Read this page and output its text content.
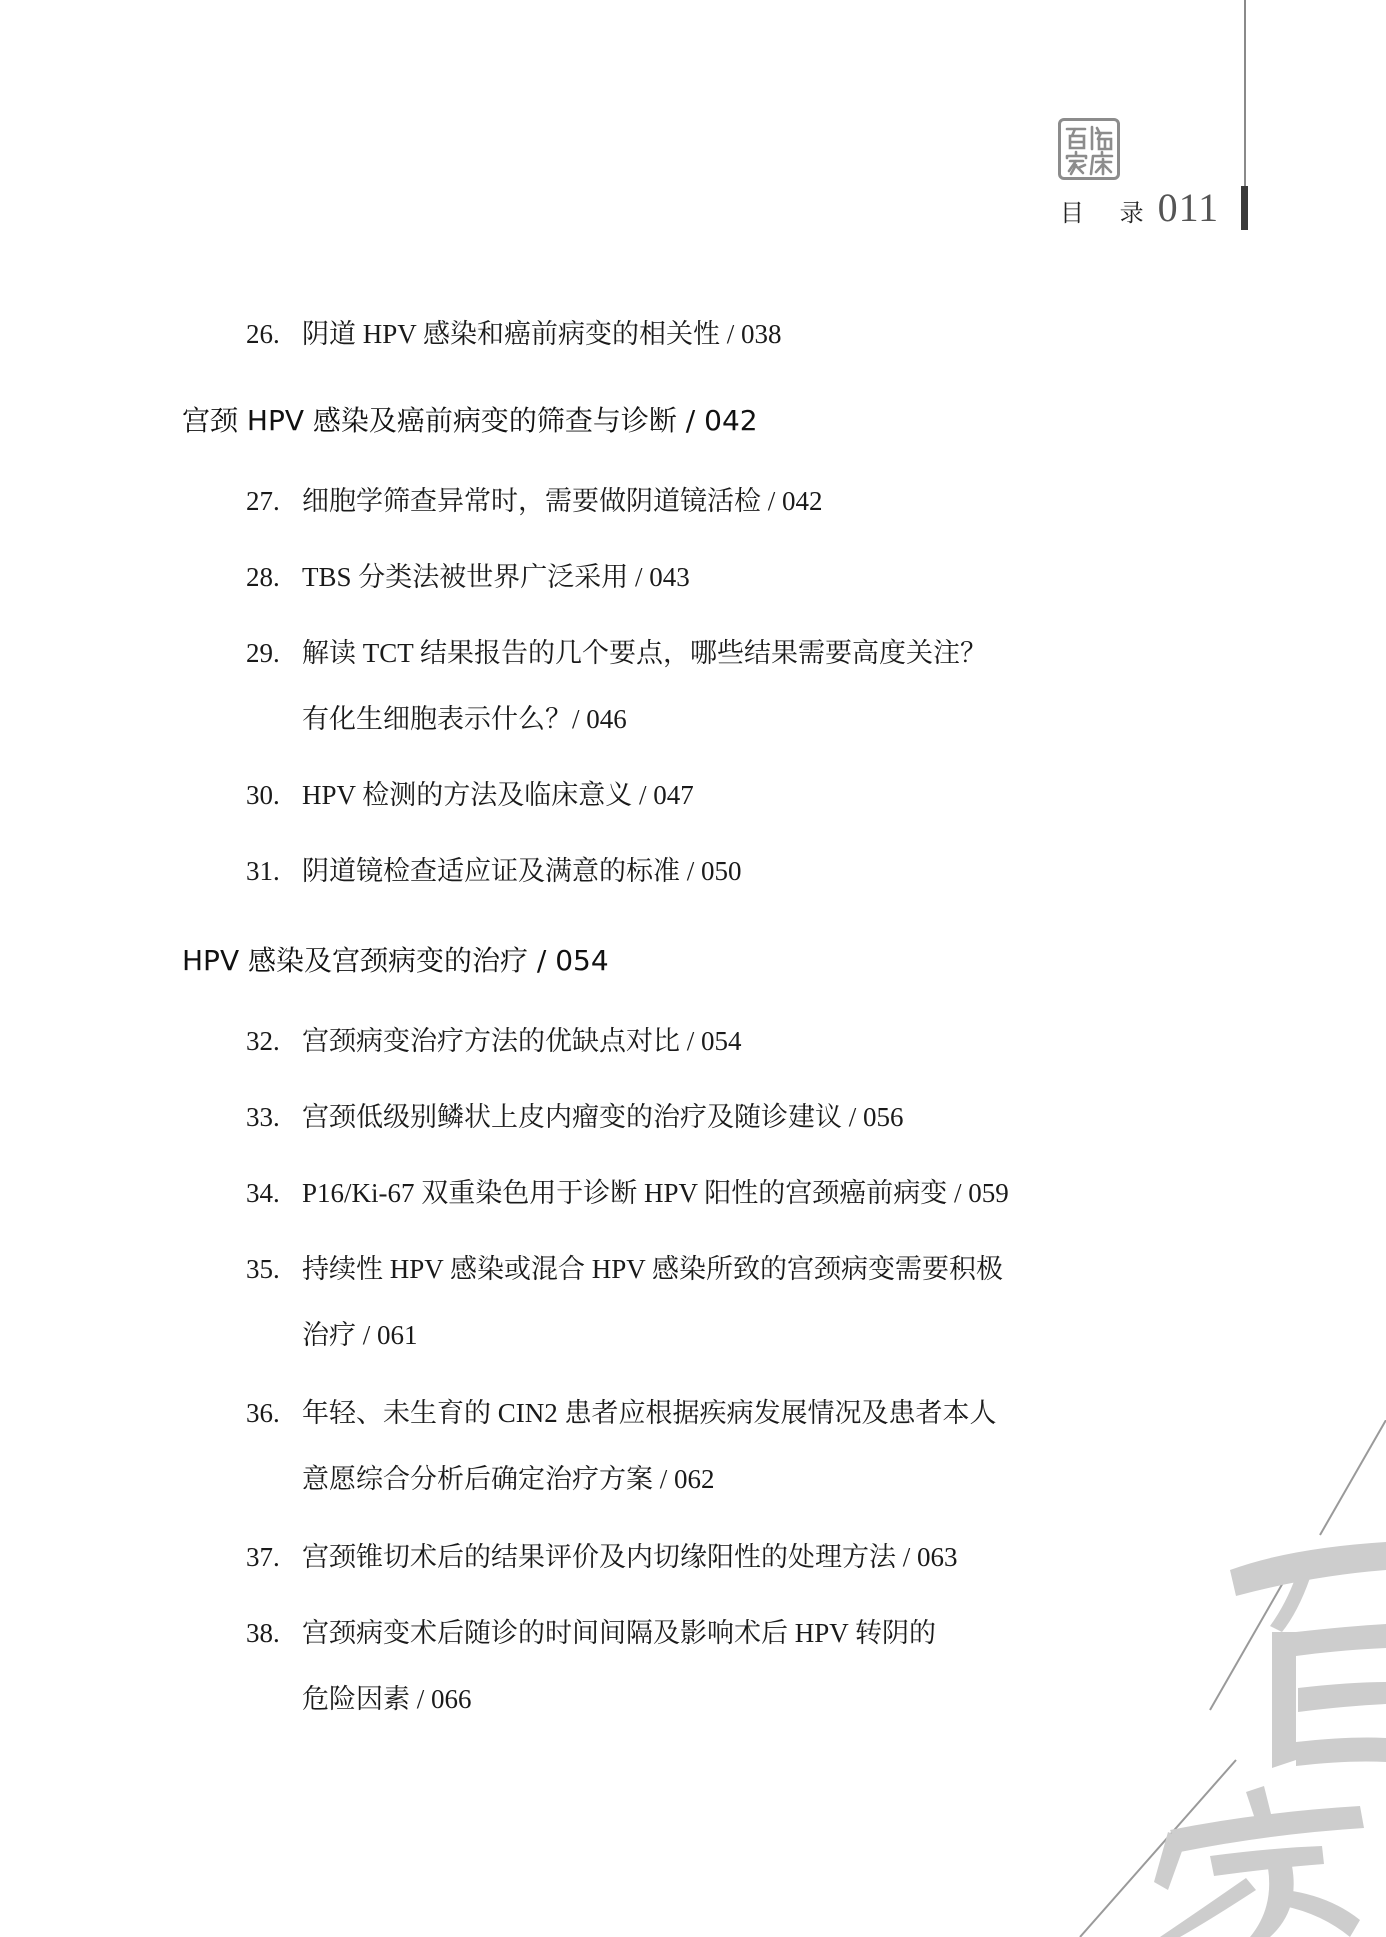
目 录 011
26. 阴道 HPV 感染和癌前病变的相关性 / 038
宫颈 HPV 感染及癌前病变的筛查与诊断 / 042
27. 细胞学筛查异常时，需要做阴道镜活检 / 042
28. TBS 分类法被世界广泛采用 / 043
29. 解读 TCT 结果报告的几个要点，哪些结果需要高度关注？
有化生细胞表示什么？/ 046
30. HPV 检测的方法及临床意义 / 047
31. 阴道镜检查适应证及满意的标准 / 050
HPV 感染及宫颈病变的治疗 / 054
32. 宫颈病变治疗方法的优缺点对比 / 054
33. 宫颈低级别鳞状上皮内瘤变的治疗及随诊建议 / 056
34. P16/Ki-67 双重染色用于诊断 HPV 阳性的宫颈癌前病变 / 059
35. 持续性 HPV 感染或混合 HPV 感染所致的宫颈病变需要积极
治疗 / 061
36. 年轻、未生育的 CIN2 患者应根据疾病发展情况及患者本人
意愿综合分析后确定治疗方案 / 062
37. 宫颈锥切术后的结果评价及内切缘阳性的处理方法 / 063
38. 宫颈病变术后随诊的时间间隔及影响术后 HPV 转阴的
危险因素 / 066
